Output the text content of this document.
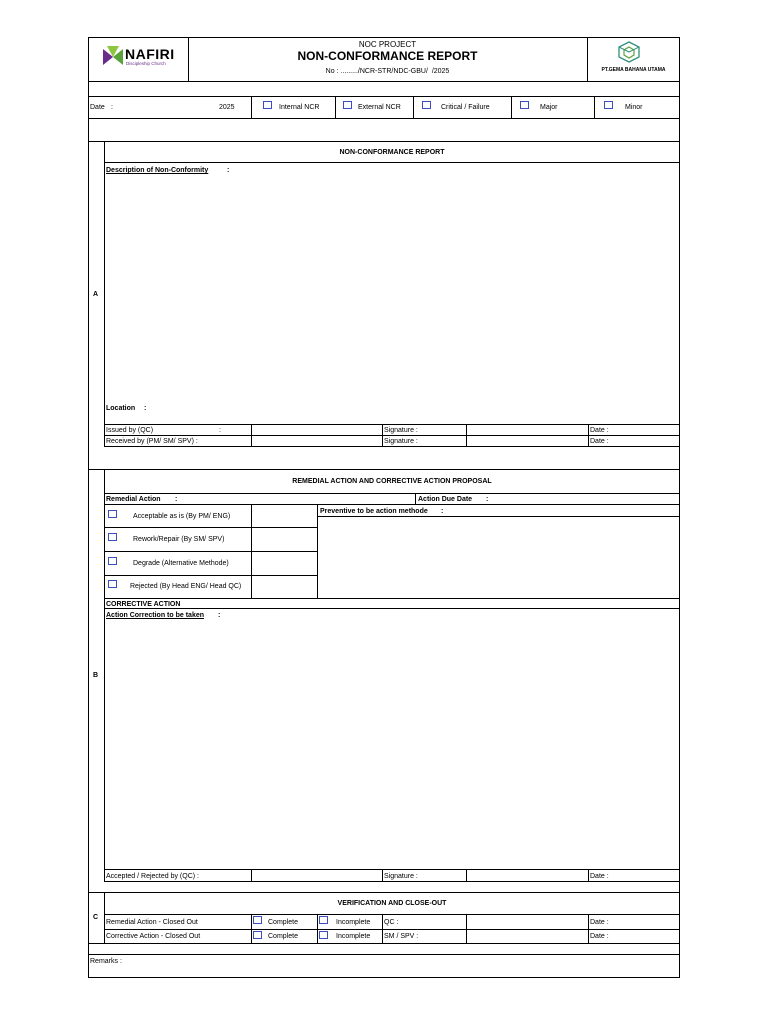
NAFIRI
Discipleship Church
NOC PROJECT
NON-CONFORMANCE REPORT
No : ........./NCR-STR/NDC-GBU/  /2025	PT.GEMA BAHANA UTAMA
Date :	2025	Internal NCR	External NCR	Critical / Failure	Major	Minor
A
NON-CONFORMANCE REPORT
Description of Non-Conformity	:
Location :
Issued by (QC)	:	Signature :	Date :
Received by (PM/ SM/ SPV) :	Signature :	Date :
B
REMEDIAL ACTION AND CORRECTIVE ACTION PROPOSAL
Remedial Action :	Action Due Date :
Preventive to be action methode :
Acceptable as is (By PM/ ENG)
Rework/Repair (By SM/ SPV)
Degrade (Alternative Methode)
Rejected (By Head ENG/ Head QC)
CORRECTIVE ACTION
Action Correction to be taken :
Accepted / Rejected by (QC) :	Signature :	Date :
C
VERIFICATION AND CLOSE-OUT
Remedial Action - Closed Out	Complete	Incomplete QC :	Date :
Corrective Action - Closed Out	Complete	Incomplete SM / SPV :	Date :
Remarks :
